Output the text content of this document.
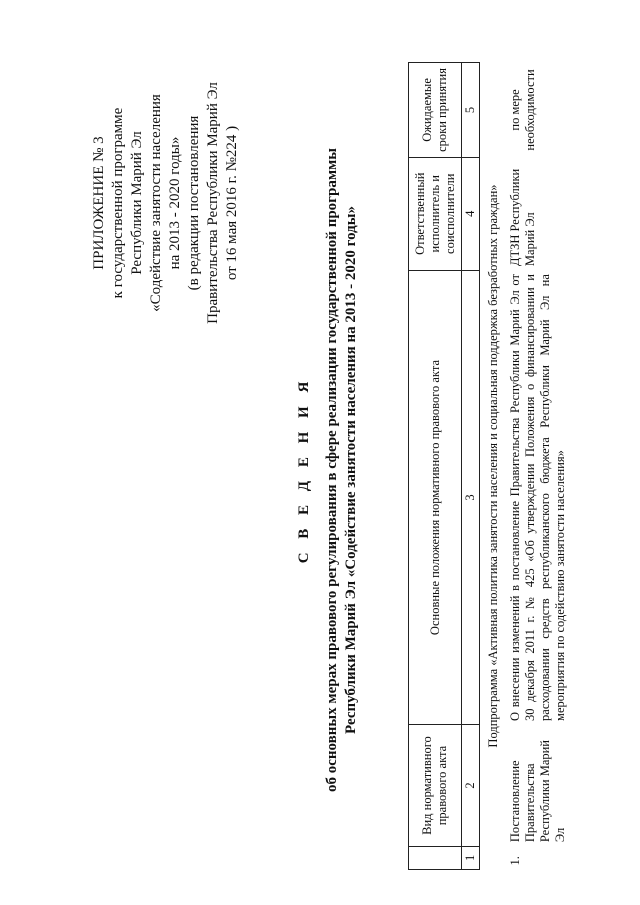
ПРИЛОЖЕНИЕ № 3 к государственной программе Республики Марий Эл «Содействие занятости населения на 2013 - 2020 годы» (в редакции постановления Правительства Республики Марий Эл от 16 мая 2016 г. №224 )
С В Е Д Е Н И Я об основных мерах правового регулирования в сфере реализации государственной программы Республики Марий Эл «Содействие занятости населения на 2013 - 2020 годы»
	Вид нормативного правового акта	Основные положения нормативного правового акта	Ответственный исполнитель и соисполнители	Ожидаемые сроки принятия
1	2	3	4	5
Подпрограмма «Активная политика занятости населения и социальная поддержка безработных граждан»				
1.	Постановление Правительства Республики Марий Эл	О внесении изменений в постановление Правительства Республики Марий Эл от 30 декабря 2011 г. № 425 «Об утверждении Положения о финансировании и расходовании средств республиканского бюджета Республики Марий Эл на мероприятия по содействию занятости населения»	ДТЗН Республики Марий Эл	по мере необходимости
